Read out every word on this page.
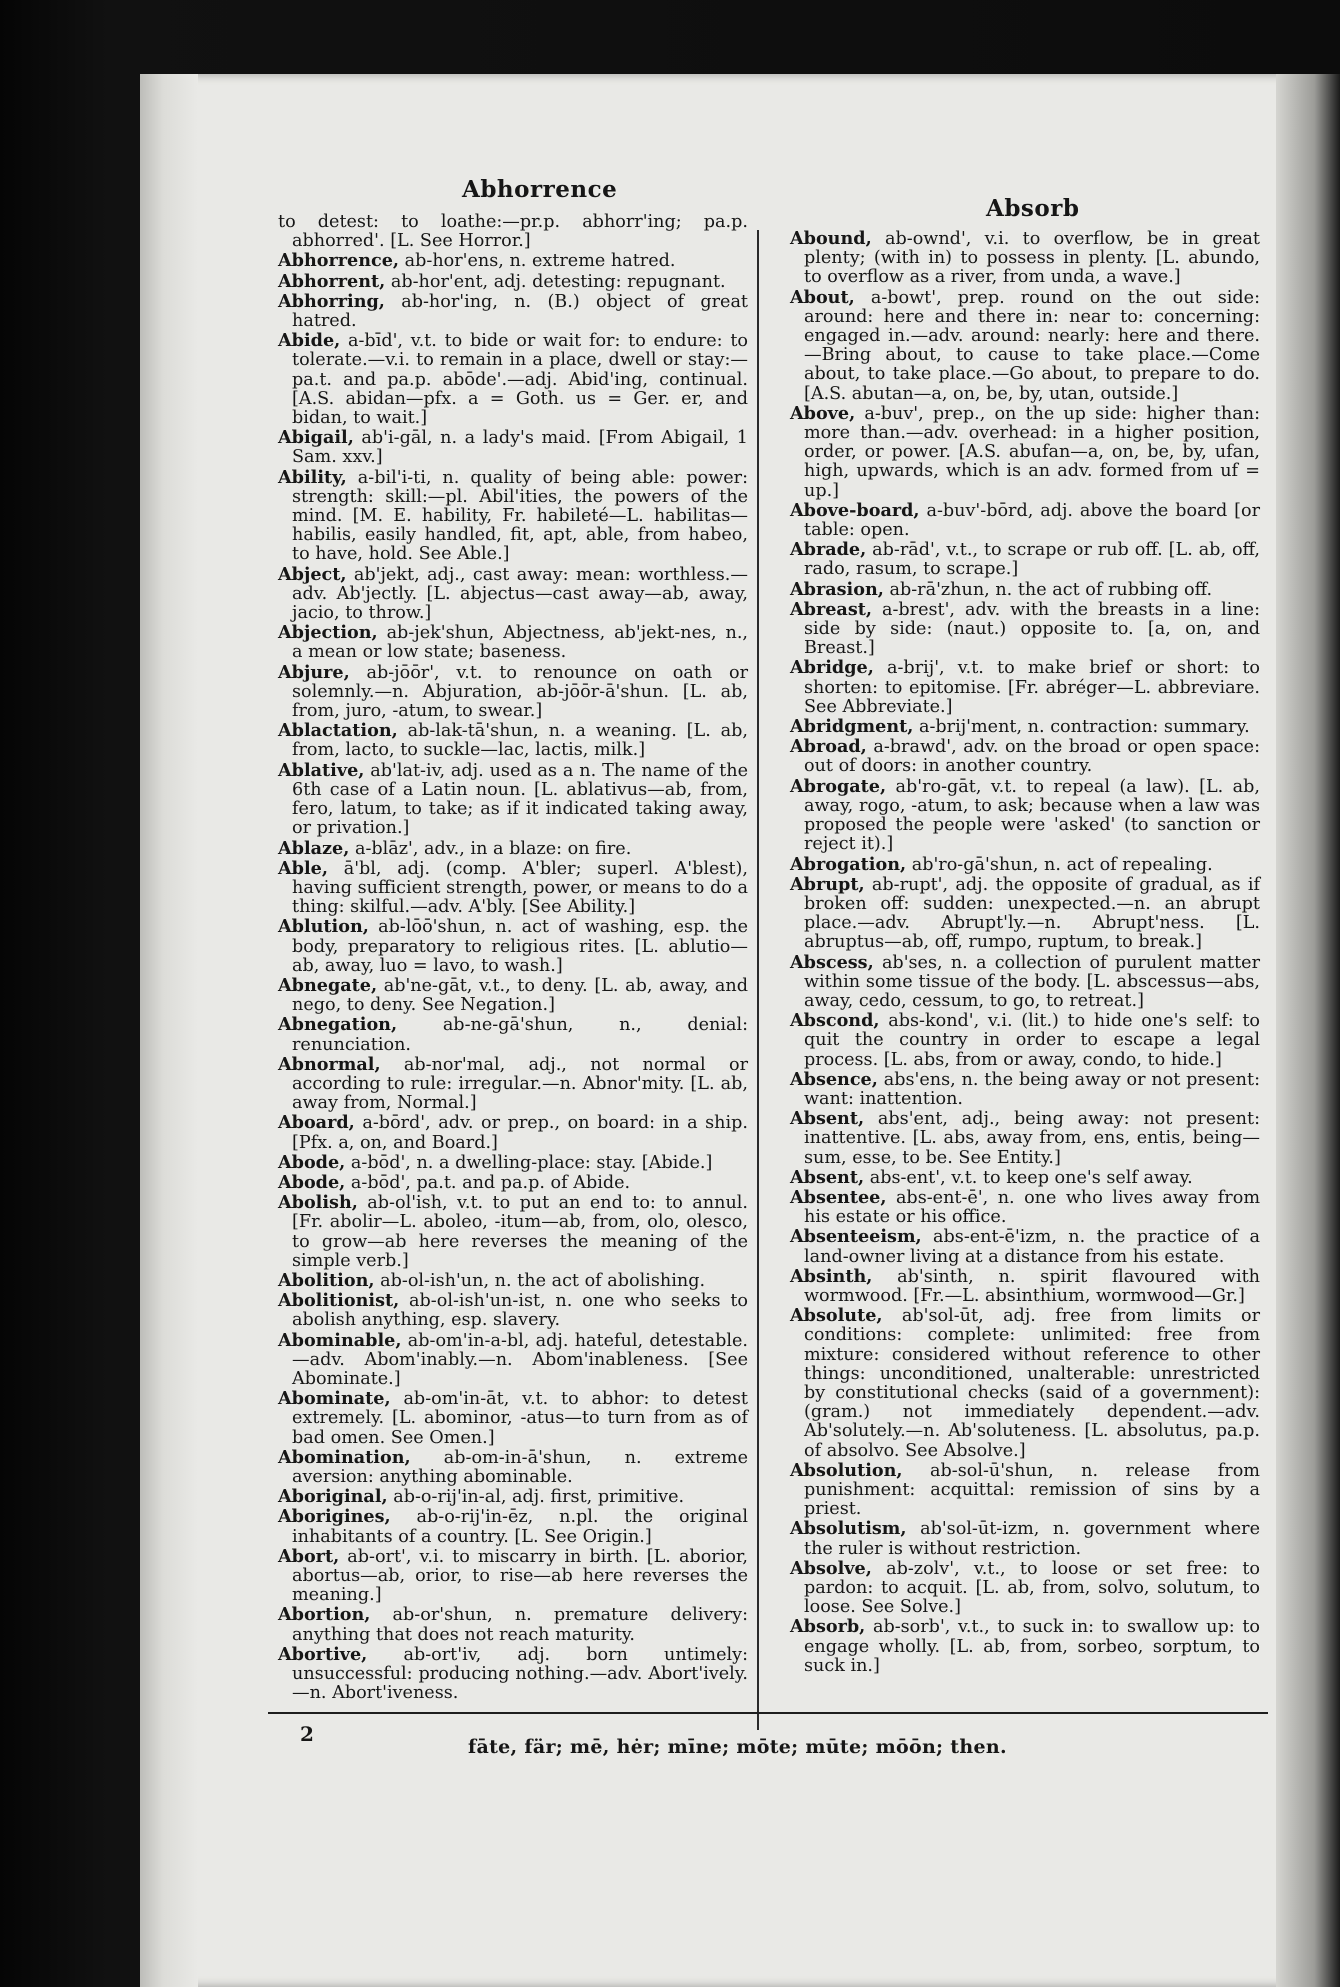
Abhorrence
Absorb
to detest: to loathe:—pr.p. abhorr'ing; pa.p. abhorred'. [L. See Horror.]
Abhorrence, ab-hor'ens, n. extreme hatred.
Abhorrent, ab-hor'ent, adj. detesting: repugnant.
Abhorring, ab-hor'ing, n. (B.) object of great hatred.
Abide, a-bīd', v.t. to bide or wait for: to endure: to tolerate.—v.i. to remain in a place, dwell or stay:—pa.t. and pa.p. abōde'.—adj. Abid'ing, continual. [A.S. abidan—pfx. a = Goth. us = Ger. er, and bidan, to wait.]
Abigail, ab'i-gāl, n. a lady's maid. [From Abigail, 1 Sam. xxv.]
Ability, a-bil'i-ti, n. quality of being able: power: strength: skill:—pl. Abil'ities, the powers of the mind. [M. E. hability, Fr. habileté—L. habilitas—habilis, easily handled, fit, apt, able, from habeo, to have, hold. See Able.]
Abject, ab'jekt, adj., cast away: mean: worthless.—adv. Ab'jectly. [L. abjectus—cast away—ab, away, jacio, to throw.]
Abjection, ab-jek'shun, Abjectness, ab'jekt-nes, n., a mean or low state; baseness.
Abjure, ab-jōōr', v.t. to renounce on oath or solemnly.—n. Abjuration, ab-jōōr-ā'shun. [L. ab, from, juro, -atum, to swear.]
Ablactation, ab-lak-tā'shun, n. a weaning. [L. ab, from, lacto, to suckle—lac, lactis, milk.]
Ablative, ab'lat-iv, adj. used as a n. The name of the 6th case of a Latin noun. [L. ablativus—ab, from, fero, latum, to take; as if it indicated taking away, or privation.]
Ablaze, a-blāz', adv., in a blaze: on fire.
Able, ā'bl, adj. (comp. A'bler; superl. A'blest), having sufficient strength, power, or means to do a thing: skilful.—adv. A'bly. [See Ability.]
Ablution, ab-lōō'shun, n. act of washing, esp. the body, preparatory to religious rites. [L. ablutio—ab, away, luo = lavo, to wash.]
Abnegate, ab'ne-gāt, v.t., to deny. [L. ab, away, and nego, to deny. See Negation.]
Abnegation,	ab-ne-gā'shun, n., denial: renunciation.
Abnormal, ab-nor'mal, adj., not normal or according to rule: irregular.—n. Abnor'mity. [L. ab, away from, Normal.]
Aboard, a-bōrd', adv. or prep., on board: in a ship. [Pfx. a, on, and Board.]
Abode, a-bōd', n. a dwelling-place: stay. [Abide.]
Abode, a-bōd', pa.t. and pa.p. of Abide.
Abolish, ab-ol'ish, v.t. to put an end to: to annul. [Fr. abolir—L. aboleo, -itum—ab, from, olo, olesco, to grow—ab here reverses the meaning of the simple verb.]
Abolition, ab-ol-ish'un, n. the act of abolishing.
Abolitionist, ab-ol-ish'un-ist, n. one who seeks to abolish anything, esp. slavery.
Abominable, ab-om'in-a-bl, adj. hateful, detestable.—adv. Abom'inably.—n. Abom'inableness. [See Abominate.]
Abominate, ab-om'in-āt, v.t. to abhor: to detest extremely. [L. abominor, -atus—to turn from as of bad omen. See Omen.]
Abomination, ab-om-in-ā'shun, n. extreme aversion: anything abominable.
Aboriginal, ab-o-rij'in-al, adj. first, primitive.
Aborigines, ab-o-rij'in-ēz, n.pl. the original inhabitants of a country. [L. See Origin.]
Abort, ab-ort', v.i. to miscarry in birth. [L. aborior, abortus—ab, orior, to rise—ab here reverses the meaning.]
Abortion, ab-or'shun, n. premature delivery: anything that does not reach maturity.
Abortive, ab-ort'iv, adj. born untimely: unsuccessful: producing nothing.—adv. Abort'ively.—n. Abort'iveness.
Abound, ab-ownd', v.i. to overflow, be in great plenty; (with in) to possess in plenty. [L. abundo, to overflow as a river, from unda, a wave.]
About, a-bowt', prep. round on the out side: around: here and there in: near to: concerning: engaged in.—adv. around: nearly: here and there.—Bring about, to cause to take place.—Come about, to take place.—Go about, to prepare to do. [A.S. abutan—a, on, be, by, utan, outside.]
Above, a-buv', prep., on the up side: higher than: more than.—adv. overhead: in a higher position, order, or power. [A.S. abufan—a, on, be, by, ufan, high, upwards, which is an adv. formed from uf = up.]
Above-board, a-buv'-bōrd, adj. above the board [or table: open.
Abrade, ab-rād', v.t., to scrape or rub off. [L. ab, off, rado, rasum, to scrape.]
Abrasion, ab-rā'zhun, n. the act of rubbing off.
Abreast, a-brest', adv. with the breasts in a line: side by side: (naut.) opposite to. [a, on, and Breast.]
Abridge, a-brij', v.t. to make brief or short: to shorten: to epitomise. [Fr. abréger—L. abbreviare. See Abbreviate.]
Abridgment, a-brij'ment, n. contraction: summary.
Abroad, a-brawd', adv. on the broad or open space: out of doors: in another country.
Abrogate, ab'ro-gāt, v.t. to repeal (a law). [L. ab, away, rogo, -atum, to ask; because when a law was proposed the people were 'asked' (to sanction or reject it).]
Abrogation, ab'ro-gā'shun, n. act of repealing.
Abrupt, ab-rupt', adj. the opposite of gradual, as if broken off: sudden: unexpected.—n. an abrupt place.—adv. Abrupt'ly.—n. Abrupt'ness. [L. abruptus—ab, off, rumpo, ruptum, to break.]
Abscess, ab'ses, n. a collection of purulent matter within some tissue of the body. [L. abscessus—abs, away, cedo, cessum, to go, to retreat.]
Abscond, abs-kond', v.i. (lit.) to hide one's self: to quit the country in order to escape a legal process. [L. abs, from or away, condo, to hide.]
Absence, abs'ens, n. the being away or not present: want: inattention.
Absent, abs'ent, adj., being away: not present: inattentive. [L. abs, away from, ens, entis, being—sum, esse, to be. See Entity.]
Absent, abs-ent', v.t. to keep one's self away.
Absentee, abs-ent-ē', n. one who lives away from his estate or his office.
Absenteeism, abs-ent-ē'izm, n. the practice of a land-owner living at a distance from his estate.
Absinth, ab'sinth, n. spirit flavoured with wormwood. [Fr.—L. absinthium, wormwood—Gr.]
Absolute, ab'sol-ūt, adj. free from limits or conditions: complete: unlimited: free from mixture: considered without reference to other things: unconditioned, unalterable: unrestricted by constitutional checks (said of a government): (gram.) not immediately dependent.—adv. Ab'solutely.—n. Ab'soluteness. [L. absolutus, pa.p. of absolvo. See Absolve.]
Absolution, ab-sol-ū'shun, n. release from punishment: acquittal: remission of sins by a priest.
Absolutism, ab'sol-ūt-izm, n. government where the ruler is without restriction.
Absolve, ab-zolv', v.t., to loose or set free: to pardon: to acquit. [L. ab, from, solvo, solutum, to loose. See Solve.]
Absorb, ab-sorb', v.t., to suck in: to swallow up: to engage wholly. [L. ab, from, sorbeo, sorptum, to suck in.]
2
fāte, fär; mē, hėr; mīne; mōte; mūte; mōōn; then.
